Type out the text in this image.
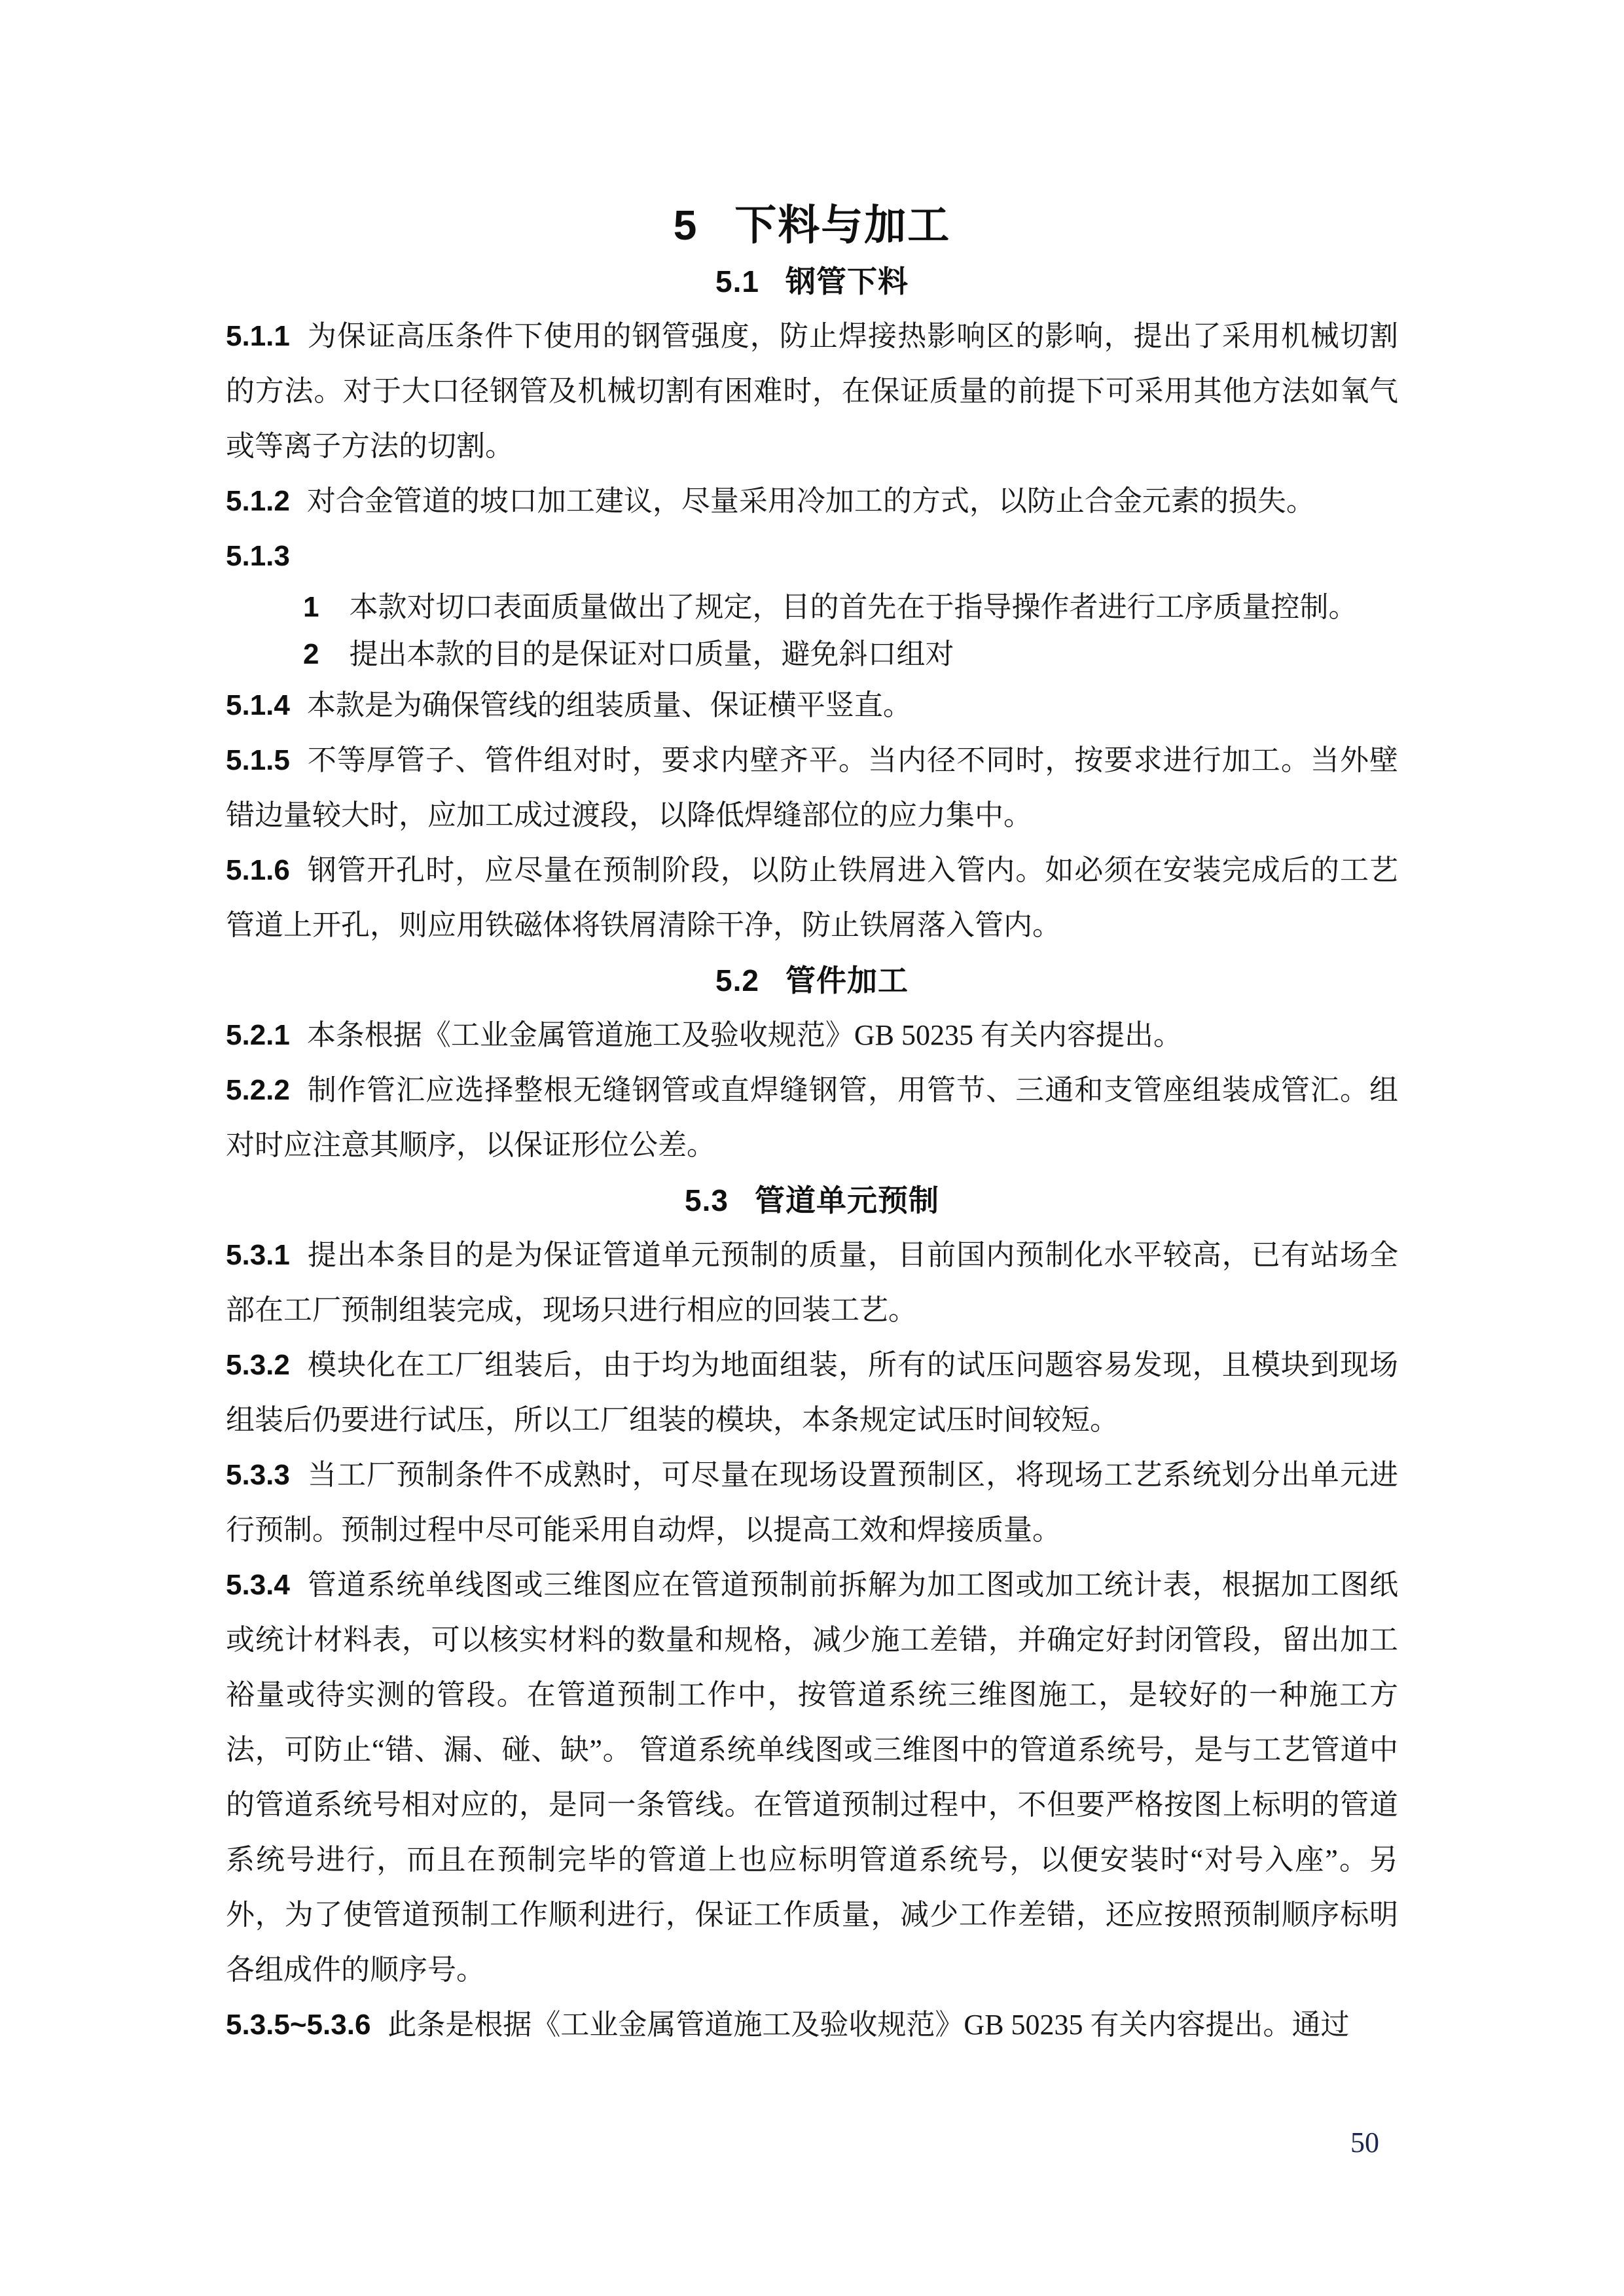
5 下料与加工
5.1 钢管下料

5.1.1 为保证高压条件下使用的钢管强度，防止焊接热影响区的影响，提出了采用机械切割的方法。对于大口径钢管及机械切割有困难时，在保证质量的前提下可采用其他方法如氧气或等离子方法的切割。

5.1.2 对合金管道的坡口加工建议，尽量采用冷加工的方式，以防止合金元素的损失。

5.1.3

1 本款对切口表面质量做出了规定，目的首先在于指导操作者进行工序质量控制。

2 提出本款的目的是保证对口质量，避免斜口组对

5.1.4 本款是为确保管线的组装质量、保证横平竖直。

5.1.5 不等厚管子、管件组对时，要求内壁齐平。当内径不同时，按要求进行加工。当外壁错边量较大时，应加工成过渡段，以降低焊缝部位的应力集中。

5.1.6 钢管开孔时，应尽量在预制阶段，以防止铁屑进入管内。如必须在安装完成后的工艺管道上开孔，则应用铁磁体将铁屑清除干净，防止铁屑落入管内。

5.2 管件加工

5.2.1 本条根据《工业金属管道施工及验收规范》GB 50235 有关内容提出。

5.2.2 制作管汇应选择整根无缝钢管或直焊缝钢管，用管节、三通和支管座组装成管汇。组对时应注意其顺序，以保证形位公差。

5.3 管道单元预制

5.3.1 提出本条目的是为保证管道单元预制的质量，目前国内预制化水平较高，已有站场全部在工厂预制组装完成，现场只进行相应的回装工艺。

5.3.2 模块化在工厂组装后，由于均为地面组装，所有的试压问题容易发现，且模块到现场组装后仍要进行试压，所以工厂组装的模块，本条规定试压时间较短。

5.3.3 当工厂预制条件不成熟时，可尽量在现场设置预制区，将现场工艺系统划分出单元进行预制。预制过程中尽可能采用自动焊，以提高工效和焊接质量。

5.3.4 管道系统单线图或三维图应在管道预制前拆解为加工图或加工统计表，根据加工图纸或统计材料表，可以核实材料的数量和规格，减少施工差错，并确定好封闭管段，留出加工裕量或待实测的管段。在管道预制工作中，按管道系统三维图施工，是较好的一种施工方法，可防止“错、漏、碰、缺”。 管道系统单线图或三维图中的管道系统号，是与工艺管道中的管道系统号相对应的，是同一条管线。在管道预制过程中，不但要严格按图上标明的管道系统号进行，而且在预制完毕的管道上也应标明管道系统号，以便安装时“对号入座”。另外，为了使管道预制工作顺利进行，保证工作质量，减少工作差错，还应按照预制顺序标明各组成件的顺序号。

5.3.5~5.3.6 此条是根据《工业金属管道施工及验收规范》GB 50235 有关内容提出。通过

50
